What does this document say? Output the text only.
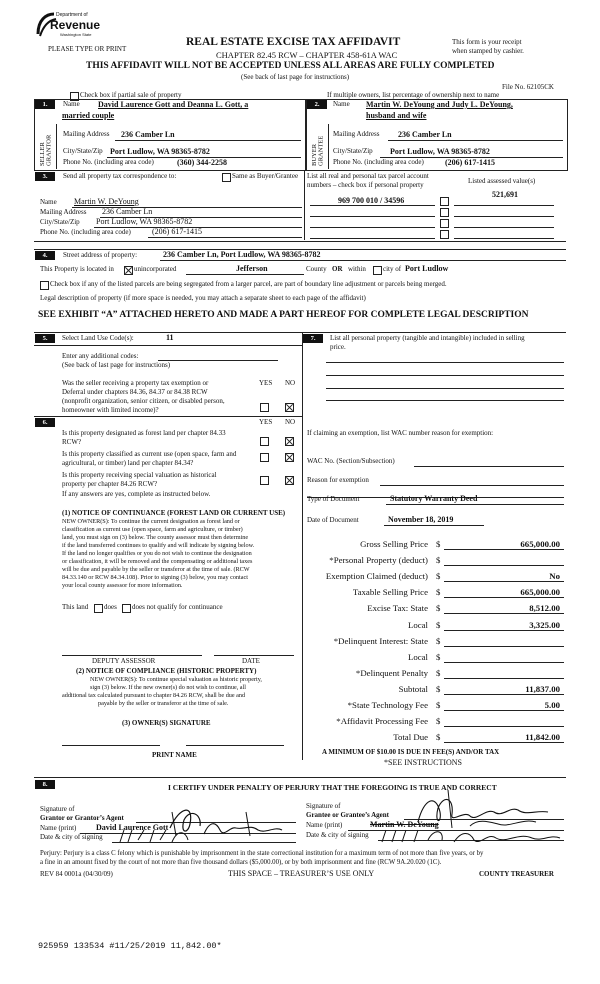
Department of
Revenue
Washington State
PLEASE TYPE OR PRINT
REAL ESTATE EXCISE TAX AFFIDAVIT
CHAPTER 82.45 RCW – CHAPTER 458-61A WAC
This form is your receipt
when stamped by cashier.
THIS AFFIDAVIT WILL NOT BE ACCEPTED UNLESS ALL AREAS ARE FULLY COMPLETED
(See back of last page for instructions)
File No. 62105CK
Check box if partial sale of property	If multiple owners, list percentage of ownership next to name
1.	2.
SELLER GRANTOR	BUYER GRANTEE
Name David Laurence Gott and Deanna L. Gott, a
married couple
Mailing Address 236 Camber Ln
City/State/Zip Port Ludlow, WA 98365-8782
Phone No. (including area code)	(360) 344-2258
Name Martin W. DeYoung and Judy L. DeYoung,
husband and wife
Mailing Address 236 Camber Ln
City/State/Zip Port Ludlow, WA 98365-8782
Phone No. (including area code)	(206) 617-1415
3.	Send all property tax correspondence to:	Same as Buyer/Grantee List all real and personal tax parcel account
numbers – check box if personal property	Listed assessed value(s)
521,691
Name Martin W. DeYoung
Mailing Address 236 Camber Ln
City/State/Zip Port Ludlow, WA 98365-8782
Phone No. (including area code)	(206) 617-1415
969 700 010 / 34596
4.	Street address of property:	236 Camber Ln, Port Ludlow, WA 98365-8782
This Property is located in	unincorporated	Jefferson	County OR within city of Port Ludlow
Check box if any of the listed parcels are being segregated from a larger parcel, are part of boundary line adjustment or parcels being merged.
Legal description of property (if more space is needed, you may attach a separate sheet to each page of the affidavit)
SEE EXHIBIT “A” ATTACHED HERETO AND MADE A PART HEREOF FOR COMPLETE LEGAL DESCRIPTION
5.	Select Land Use Code(s):	11
Enter any additional codes:
(See back of last page for instructions)
YES NO
Was the seller receiving a property tax exemption or
Deferral under chapters 84.36, 84.37 or 84.38 RCW
(nonprofit organization, senior citizen, or disabled person,
homeowner with limited income)?
6.	YES NO
Is this property designated as forest land per chapter 84.33
RCW?
Is this property classified as current use (open space, farm and
agricultural, or timber) land per chapter 84.34?
Is this property receiving special valuation as historical
property per chapter 84.26 RCW?
If any answers are yes, complete as instructed below.
(1) NOTICE OF CONTINUANCE (FOREST LAND OR CURRENT USE)
NEW OWNER(S): To continue the current designation as forest land or
classification as current use (open space, farm and agriculture, or timber)
land, you must sign on (3) below. The county assessor must then determine
if the land transferred continues to qualify and will indicate by signing below.
If the land no longer qualifies or you do not wish to continue the designation
or classification, it will be removed and the compensating or additional taxes
will be due and payable by the seller or transferor at the time of sale. (RCW
84.33.140 or RCW 84.34.108). Prior to signing (3) below, you may contact
your local county assessor for more information.
This land does does not qualify for continuance
DEPUTY ASSESSOR	DATE
(2) NOTICE OF COMPLIANCE (HISTORIC PROPERTY)
NEW OWNER(S): To continue special valuation as historic property,
sign (3) below. If the new owner(s) do not wish to continue, all
additional tax calculated pursuant to chapter 84.26 RCW, shall be due and
payable by the seller or transferor at the time of sale.
(3) OWNER(S) SIGNATURE
PRINT NAME
7.	List all personal property (tangible and intangible) included in selling
price.
If claiming an exemption, list WAC number reason for exemption:
WAC No. (Section/Subsection)
Reason for exemption
Type of Document	Statutory Warranty Deed
Date of Document	November 18, 2019
Gross Selling Price $	665,000.00
*Personal Property (deduct) $
Exemption Claimed (deduct) $	No
Taxable Selling Price $	665,000.00
Excise Tax: State $	8,512.00
Local $	3,325.00
*Delinquent Interest: State $
Local $
*Delinquent Penalty $
Subtotal $	11,837.00
*State Technology Fee $	5.00
*Affidavit Processing Fee $
Total Due $	11,842.00
A MINIMUM OF $10.00 IS DUE IN FEE(S) AND/OR TAX
*SEE INSTRUCTIONS
8.	I CERTIFY UNDER PENALTY OF PERJURY THAT THE FOREGOING IS TRUE AND CORRECT
Signature of
Grantor or Grantor’s Agent
Name (print) David Laurence Gott
Date & city of signing
Signature of
Grantee or Grantee’s Agent
Name (print)	Martin W. DeYoung
Date & city of signing
Perjury: Perjury is a class C felony which is punishable by imprisonment in the state correctional institution for a maximum term of not more than five years, or by
a fine in an amount fixed by the court of not more than five thousand dollars ($5,000.00), or by both imprisonment and fine (RCW 9A.20.020 (1C).
REV 84 0001a (04/30/09)	THIS SPACE – TREASURER’S USE ONLY	COUNTY TREASURER
925959 133534 #11/25/2019 11,842.00*
